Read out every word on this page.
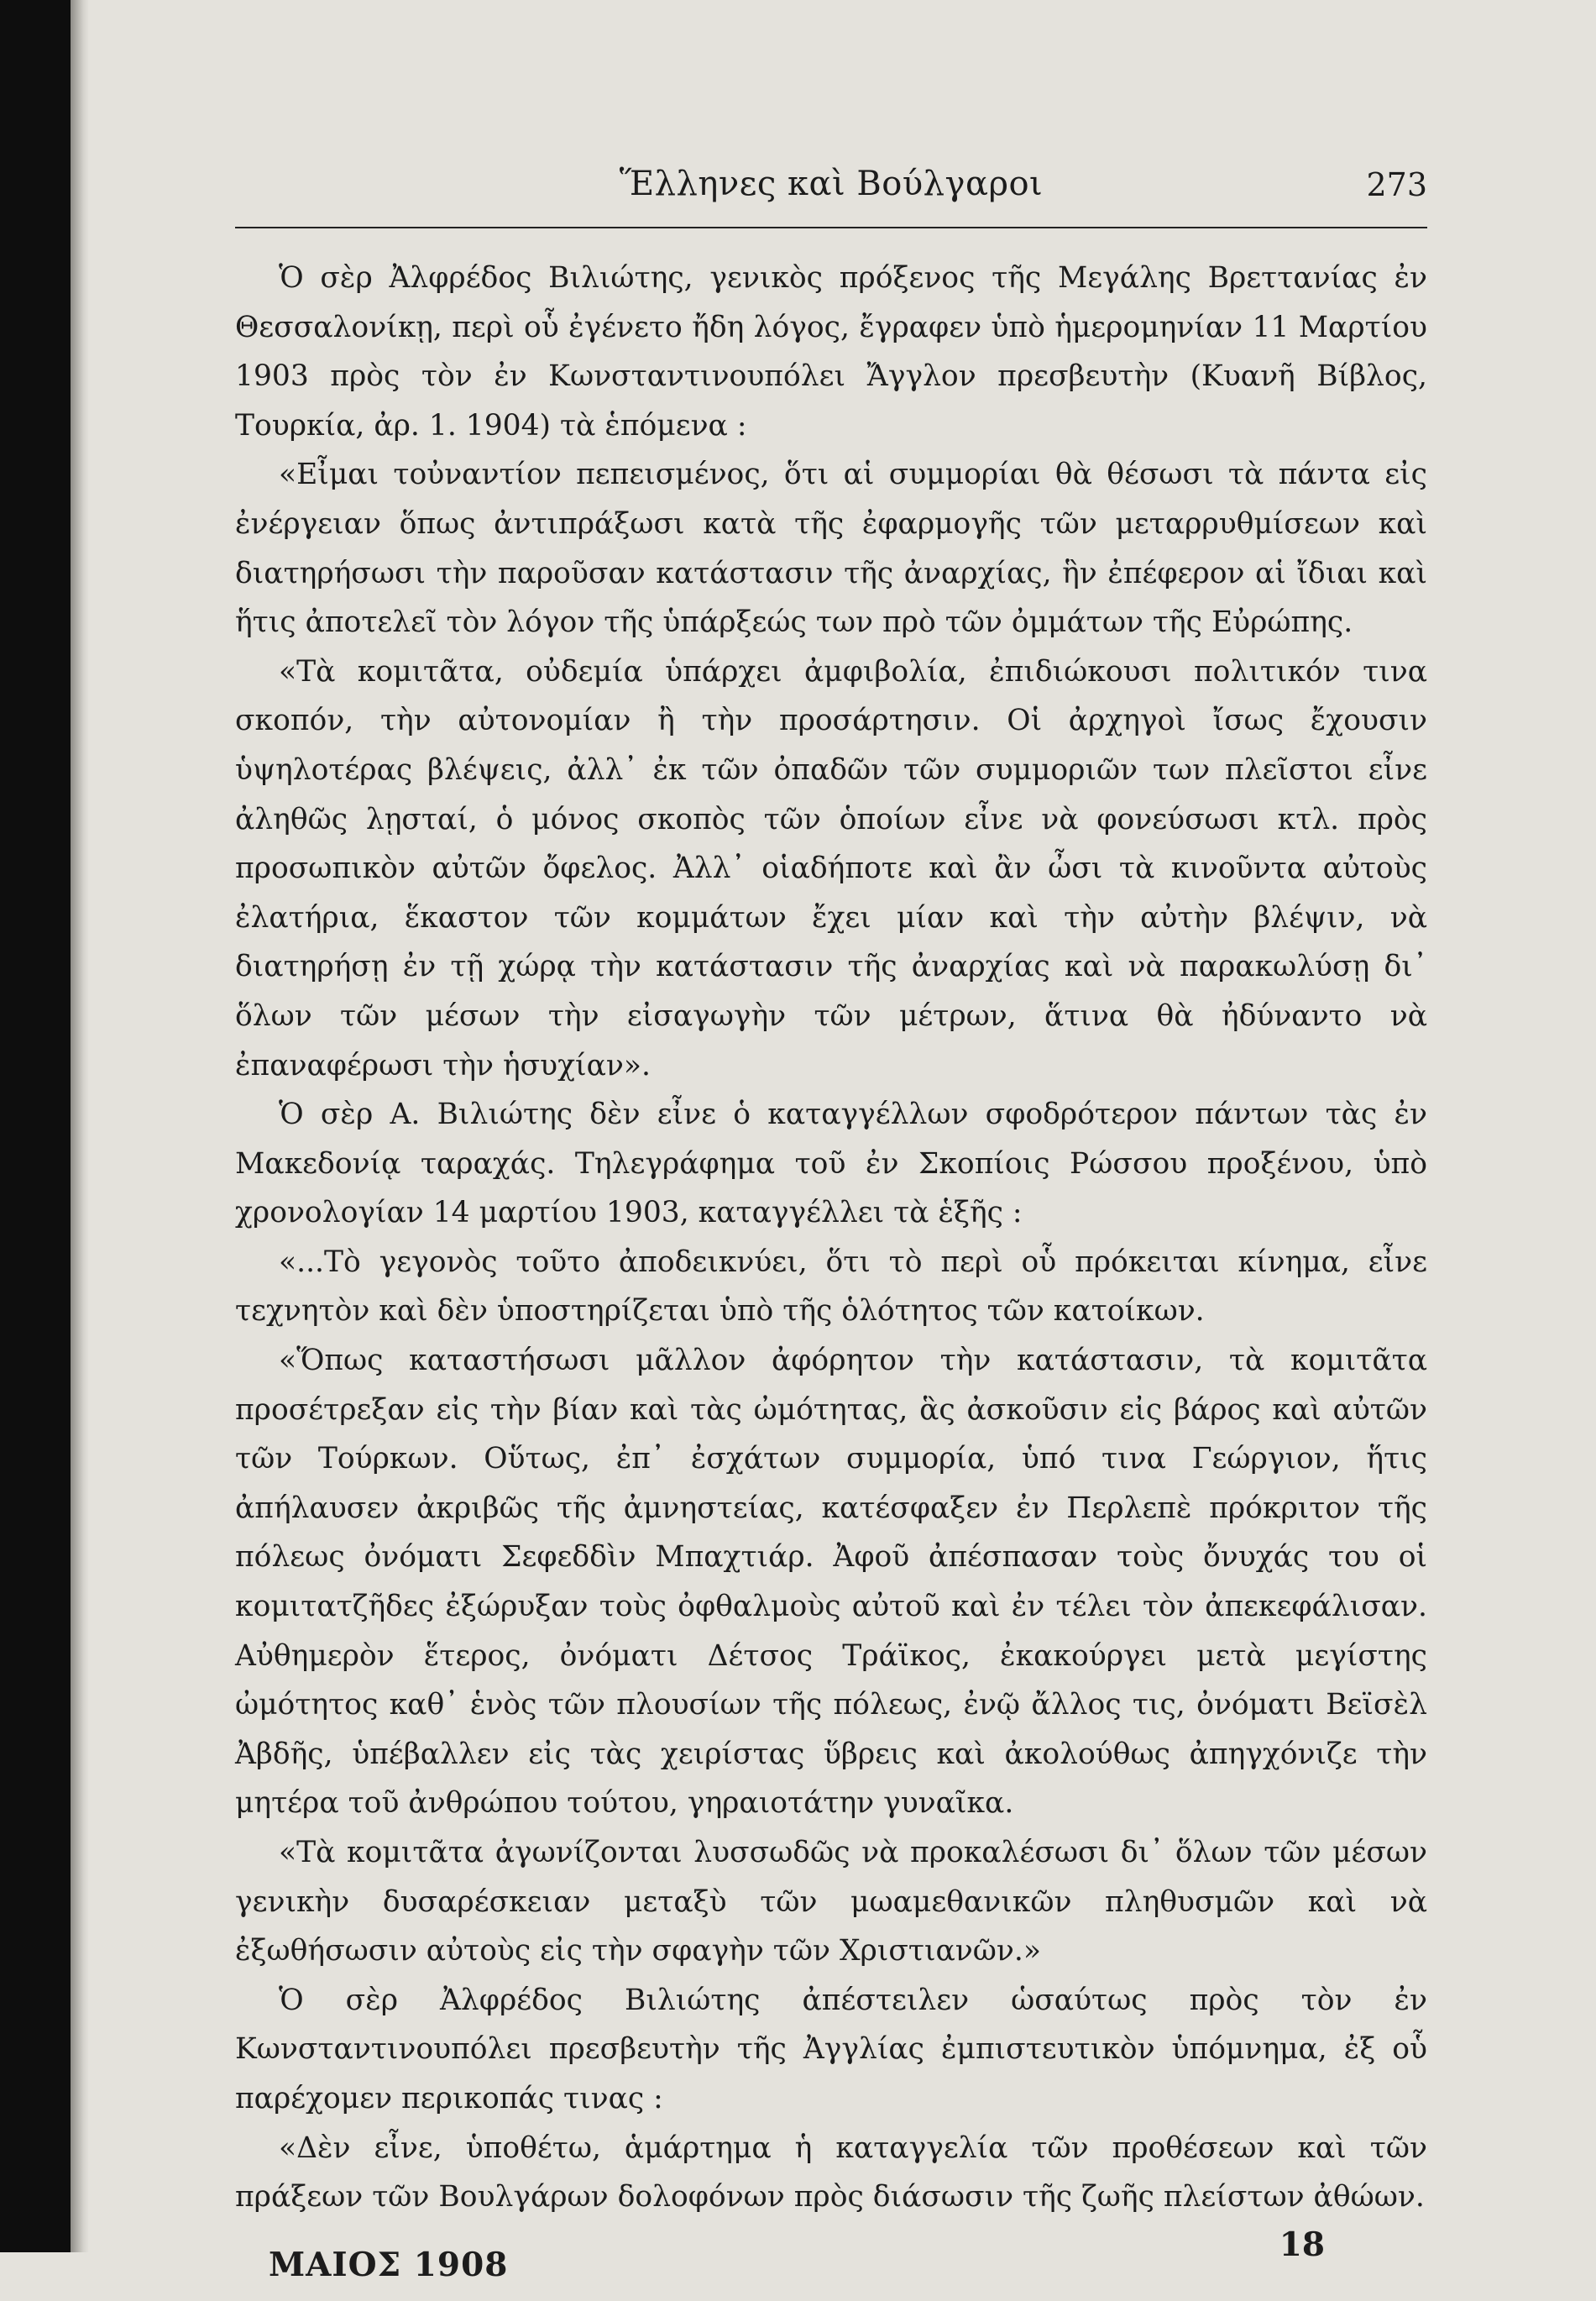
Ἕλληνες καὶ Βούλγαροι	273

Ὁ σὲρ Ἀλφρέδος Βιλιώτης, γενικὸς πρόξενος τῆς Μεγάλης Βρεττανίας ἐν Θεσσαλονίκῃ, περὶ οὗ ἐγένετο ἤδη λόγος, ἔγραφεν ὑπὸ ἡμερομηνίαν 11 Μαρτίου 1903 πρὸς τὸν ἐν Κωνσταντινουπόλει Ἄγγλον πρεσβευτὴν (Κυανῆ Βίβλος, Τουρκία, ἀρ. 1. 1904) τὰ ἑπόμενα :

«Εἶμαι τοὐναντίον πεπεισμένος, ὅτι αἱ συμμορίαι θὰ θέσωσι τὰ πάντα εἰς ἐνέργειαν ὅπως ἀντιπράξωσι κατὰ τῆς ἐφαρμογῆς τῶν μεταρρυθμίσεων καὶ διατηρήσωσι τὴν παροῦσαν κατάστασιν τῆς ἀναρχίας, ἣν ἐπέφερον αἱ ἴδιαι καὶ ἥτις ἀποτελεῖ τὸν λόγον τῆς ὑπάρξεώς των πρὸ τῶν ὀμμάτων τῆς Εὐρώπης.

«Τὰ κομιτᾶτα, οὐδεμία ὑπάρχει ἀμφιβολία, ἐπιδιώκουσι πολιτικόν τινα σκοπόν, τὴν αὐτονομίαν ἢ τὴν προσάρτησιν. Οἱ ἀρχηγοὶ ἴσως ἔχουσιν ὑψηλοτέρας βλέψεις, ἀλλ᾽ ἐκ τῶν ὀπαδῶν τῶν συμμοριῶν των πλεῖστοι εἶνε ἀληθῶς λῃσταί, ὁ μόνος σκοπὸς τῶν ὁποίων εἶνε νὰ φονεύσωσι κτλ. πρὸς προσωπικὸν αὐτῶν ὄφελος. Ἀλλ᾽ οἱαδήποτε καὶ ἂν ὦσι τὰ κινοῦντα αὐτοὺς ἐλατήρια, ἕκαστον τῶν κομμάτων ἔχει μίαν καὶ τὴν αὐτὴν βλέψιν, νὰ διατηρήσῃ ἐν τῇ χώρᾳ τὴν κατάστασιν τῆς ἀναρχίας καὶ νὰ παρακωλύσῃ δι᾽ ὅλων τῶν μέσων τὴν εἰσαγωγὴν τῶν μέτρων, ἅτινα θὰ ἠδύναντο νὰ ἐπαναφέρωσι τὴν ἡσυχίαν».

Ὁ σὲρ Α. Βιλιώτης δὲν εἶνε ὁ καταγγέλλων σφοδρότερον πάντων τὰς ἐν Μακεδονίᾳ ταραχάς. Τηλεγράφημα τοῦ ἐν Σκοπίοις Ρώσσου προξένου, ὑπὸ χρονολογίαν 14 μαρτίου 1903, καταγγέλλει τὰ ἑξῆς :

«...Τὸ γεγονὸς τοῦτο ἀποδεικνύει, ὅτι τὸ περὶ οὗ πρόκειται κίνημα, εἶνε τεχνητὸν καὶ δὲν ὑποστηρίζεται ὑπὸ τῆς ὁλότητος τῶν κατοίκων.

«Ὅπως καταστήσωσι μᾶλλον ἀφόρητον τὴν κατάστασιν, τὰ κομιτᾶτα προσέτρεξαν εἰς τὴν βίαν καὶ τὰς ὠμότητας, ἃς ἀσκοῦσιν εἰς βάρος καὶ αὐτῶν τῶν Τούρκων. Οὕτως, ἐπ᾽ ἐσχάτων συμμορία, ὑπό τινα Γεώργιον, ἥτις ἀπήλαυσεν ἀκριβῶς τῆς ἀμνηστείας, κατέσφαξεν ἐν Περλεπὲ πρόκριτον τῆς πόλεως ὀνόματι Σεφεδδὶν Μπαχτιάρ. Ἀφοῦ ἀπέσπασαν τοὺς ὄνυχάς του οἱ κομιτατζῆδες ἐξώρυξαν τοὺς ὀφθαλμοὺς αὐτοῦ καὶ ἐν τέλει τὸν ἀπεκεφάλισαν. Αὐθημερὸν ἕτερος, ὀνόματι Δέτσος Τράϊκος, ἐκακούργει μετὰ μεγίστης ὠμότητος καθ᾽ ἑνὸς τῶν πλουσίων τῆς πόλεως, ἐνῷ ἄλλος τις, ὀνόματι Βεϊσὲλ Ἀβδῆς, ὑπέβαλλεν εἰς τὰς χειρίστας ὕβρεις καὶ ἀκολούθως ἀπηγχόνιζε τὴν μητέρα τοῦ ἀνθρώπου τούτου, γηραιοτάτην γυναῖκα.

«Τὰ κομιτᾶτα ἀγωνίζονται λυσσωδῶς νὰ προκαλέσωσι δι᾽ ὅλων τῶν μέσων γενικὴν δυσαρέσκειαν μεταξὺ τῶν μωαμεθανικῶν πληθυσμῶν καὶ νὰ ἐξωθήσωσιν αὐτοὺς εἰς τὴν σφαγὴν τῶν Χριστιανῶν.»

Ὁ σὲρ Ἀλφρέδος Βιλιώτης ἀπέστειλεν ὡσαύτως πρὸς τὸν ἐν Κωνσταντινουπόλει πρεσβευτὴν τῆς Ἀγγλίας ἐμπιστευτικὸν ὑπόμνημα, ἐξ οὗ παρέχομεν περικοπάς τινας :

«Δὲν εἶνε, ὑποθέτω, ἁμάρτημα ἡ καταγγελία τῶν προθέσεων καὶ τῶν πράξεων τῶν Βουλγάρων δολοφόνων πρὸς διάσωσιν τῆς ζωῆς πλείστων ἀθώων.

ΜΑΙΟΣ 1908
18
